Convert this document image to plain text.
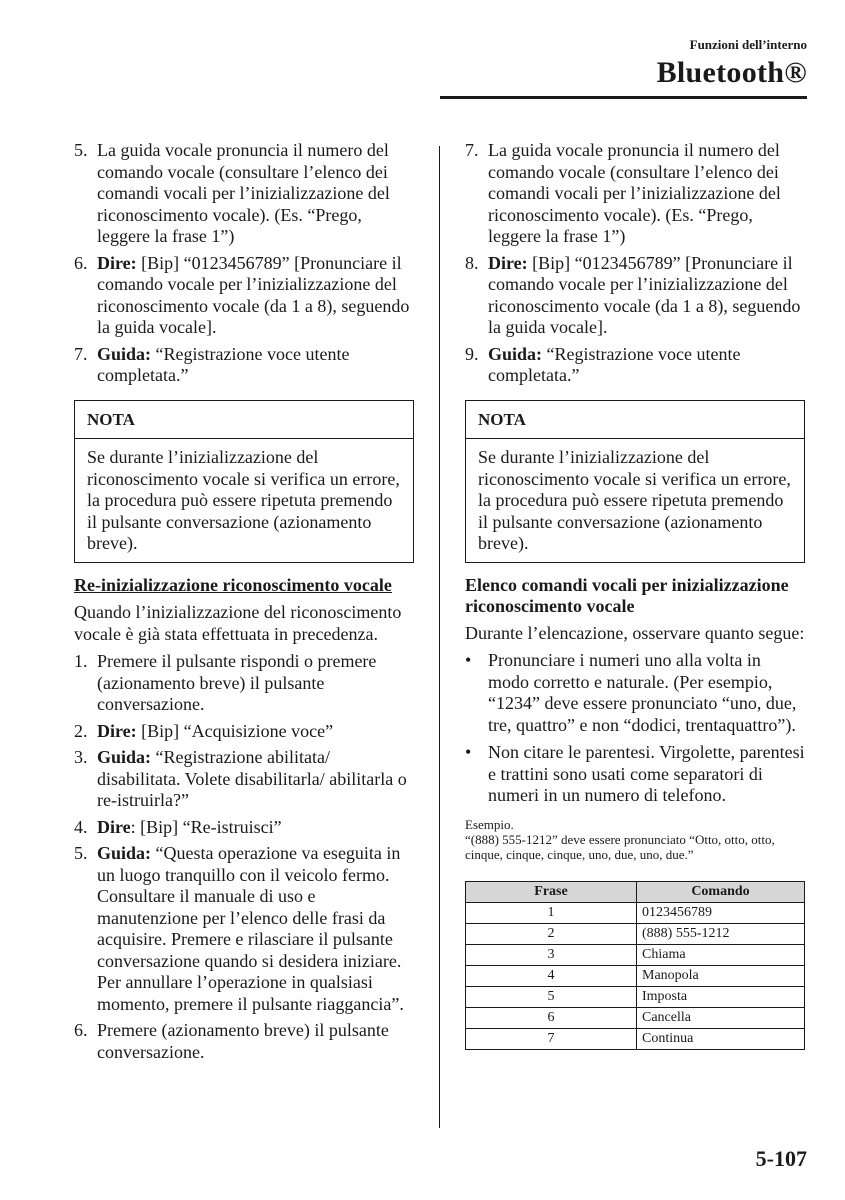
Funzioni dell’interno
Bluetooth®
5. La guida vocale pronuncia il numero del comando vocale (consultare l’elenco dei comandi vocali per l’inizializzazione del riconoscimento vocale). (Es. “Prego, leggere la frase 1”)
6. Dire: [Bip] “0123456789” [Pronunciare il comando vocale per l’inizializzazione del riconoscimento vocale (da 1 a 8), seguendo la guida vocale].
7. Guida: “Registrazione voce utente completata.”
NOTA
Se durante l’inizializzazione del riconoscimento vocale si verifica un errore, la procedura può essere ripetuta premendo il pulsante conversazione (azionamento breve).
Re-inizializzazione riconoscimento vocale
Quando l’inizializzazione del riconoscimento vocale è già stata effettuata in precedenza.
1. Premere il pulsante rispondi o premere (azionamento breve) il pulsante conversazione.
2. Dire: [Bip] “Acquisizione voce”
3. Guida: “Registrazione abilitata/ disabilitata. Volete disabilitarla/ abilitarla o re-istruirla?”
4. Dire: [Bip] “Re-istruisci”
5. Guida: “Questa operazione va eseguita in un luogo tranquillo con il veicolo fermo. Consultare il manuale di uso e manutenzione per l’elenco delle frasi da acquisire. Premere e rilasciare il pulsante conversazione quando si desidera iniziare. Per annullare l’operazione in qualsiasi momento, premere il pulsante riaggancia”.
6. Premere (azionamento breve) il pulsante conversazione.
7. La guida vocale pronuncia il numero del comando vocale (consultare l’elenco dei comandi vocali per l’inizializzazione del riconoscimento vocale). (Es. “Prego, leggere la frase 1”)
8. Dire: [Bip] “0123456789” [Pronunciare il comando vocale per l’inizializzazione del riconoscimento vocale (da 1 a 8), seguendo la guida vocale].
9. Guida: “Registrazione voce utente completata.”
NOTA
Se durante l’inizializzazione del riconoscimento vocale si verifica un errore, la procedura può essere ripetuta premendo il pulsante conversazione (azionamento breve).
Elenco comandi vocali per inizializzazione riconoscimento vocale
Durante l’elencazione, osservare quanto segue:
• Pronunciare i numeri uno alla volta in modo corretto e naturale. (Per esempio, “1234” deve essere pronunciato “uno, due, tre, quattro” e non “dodici, trentaquattro”).
• Non citare le parentesi. Virgolette, parentesi e trattini sono usati come separatori di numeri in un numero di telefono.
Esempio.
“(888) 555-1212” deve essere pronunciato “Otto, otto, otto, cinque, cinque, cinque, uno, due, uno, due.”
Frase	Comando
1	0123456789
2	(888) 555-1212
3	Chiama
4	Manopola
5	Imposta
6	Cancella
7	Continua
5-107
